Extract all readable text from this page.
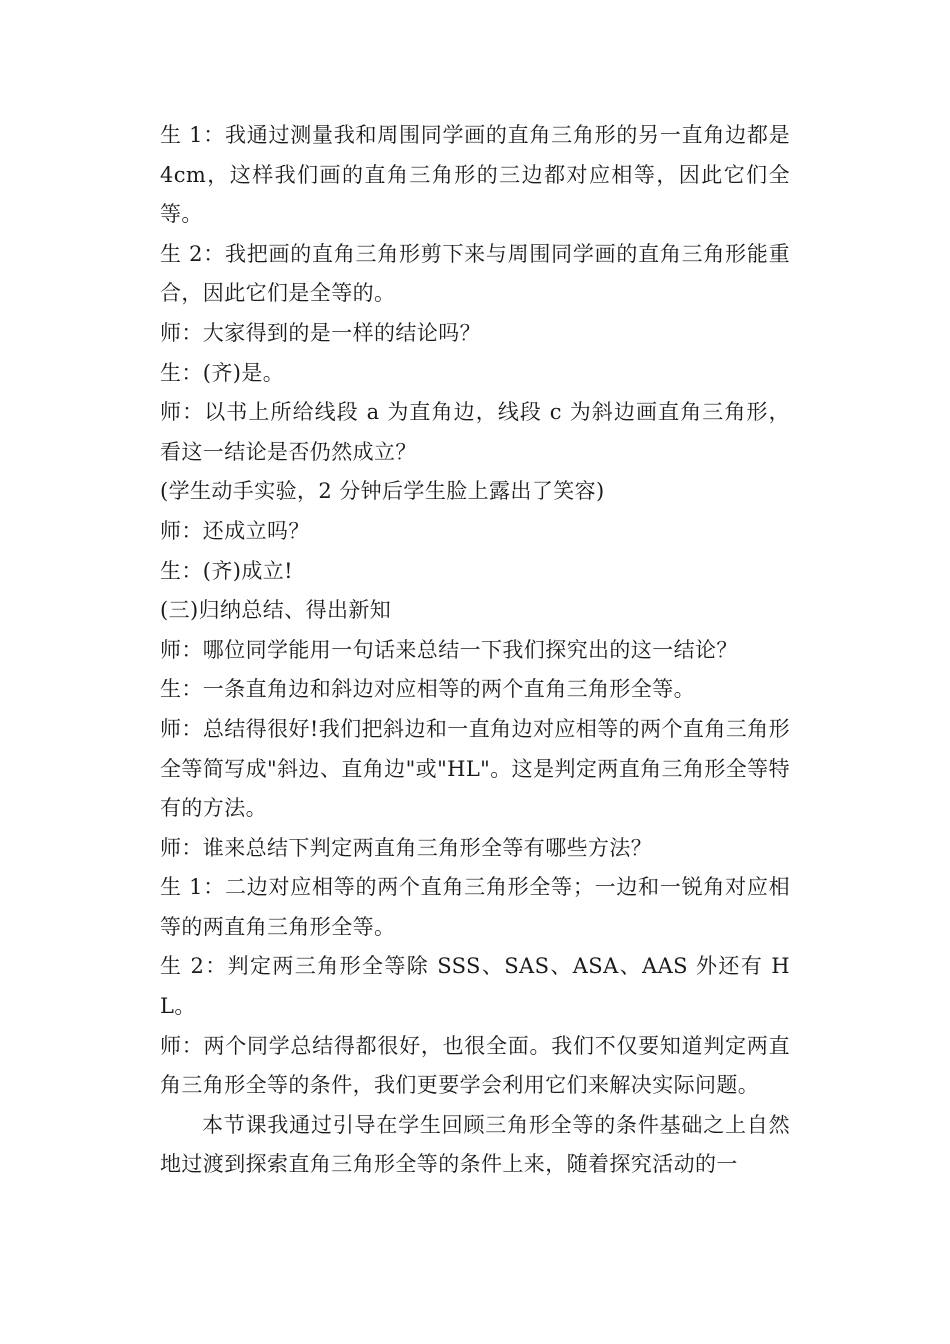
生 1：我通过测量我和周围同学画的直角三角形的另一直角边都是 4cm，这样我们画的直角三角形的三边都对应相等，因此它们全等。

生 2：我把画的直角三角形剪下来与周围同学画的直角三角形能重合，因此它们是全等的。

师：大家得到的是一样的结论吗？

生：(齐)是。

师：以书上所给线段 a 为直角边，线段 c 为斜边画直角三角形，看这一结论是否仍然成立？

(学生动手实验，2 分钟后学生脸上露出了笑容)

师：还成立吗？

生：(齐)成立!

(三)归纳总结、得出新知

师：哪位同学能用一句话来总结一下我们探究出的这一结论？

生：一条直角边和斜边对应相等的两个直角三角形全等。

师：总结得很好!我们把斜边和一直角边对应相等的两个直角三角形全等简写成"斜边、直角边"或"HL"。这是判定两直角三角形全等特有的方法。

师：谁来总结下判定两直角三角形全等有哪些方法？

生 1：二边对应相等的两个直角三角形全等；一边和一锐角对应相等的两直角三角形全等。

生 2：判定两三角形全等除 SSS、SAS、ASA、AAS 外还有 HL。

师：两个同学总结得都很好，也很全面。我们不仅要知道判定两直角三角形全等的条件，我们更要学会利用它们来解决实际问题。

本节课我通过引导在学生回顾三角形全等的条件基础之上自然地过渡到探索直角三角形全等的条件上来，随着探究活动的一
